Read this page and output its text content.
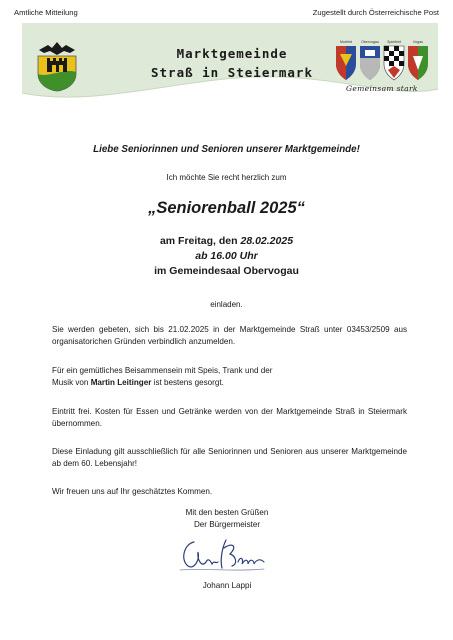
Amtliche Mitteilung	Zugestellt durch Österreichische Post
Marktgemeinde
Straß in Steiermark
Murfeld	Obervogau	Spielfeld	Vogau
Gemeinsam stark
Liebe Seniorinnen und Senioren unserer Marktgemeinde!
Ich möchte Sie recht herzlich zum
„Seniorenball 2025“
am Freitag, den 28.02.2025
ab 16.00 Uhr
im Gemeindesaal Obervogau
einladen.
Sie werden gebeten, sich bis 21.02.2025 in der Marktgemeinde Straß unter 03453/2509 aus organisatorichen Gründen verbindlich anzumelden.
Für ein gemütliches Beisammensein mit Speis, Trank und der
Musik von Martin Leitinger ist bestens gesorgt.
Eintritt frei. Kosten für Essen und Getränke werden von der Marktgemeinde Straß in Steiermark übernommen.
Diese Einladung gilt ausschließlich für alle Seniorinnen und Senioren aus unserer Marktgemeinde ab dem 60. Lebensjahr!
Wir freuen uns auf Ihr geschätztes Kommen.
Mit den besten Grüßen
Der Bürgermeister
Johann Lappi
